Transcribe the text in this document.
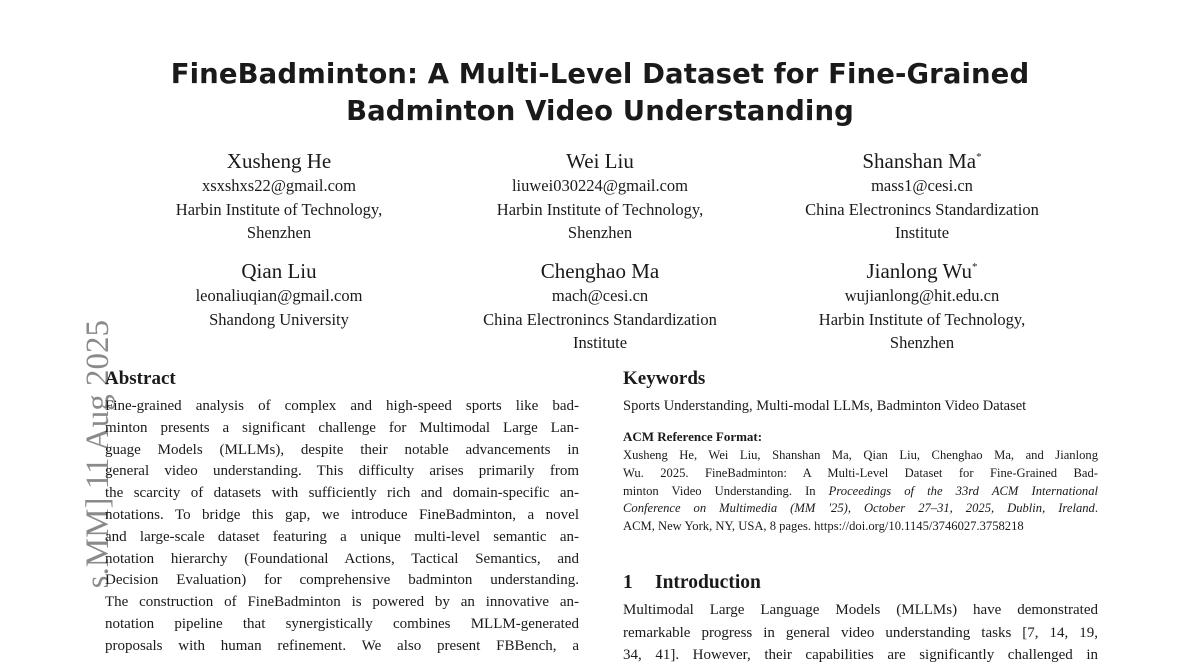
FineBadminton: A Multi-Level Dataset for Fine-Grained
Badminton Video Understanding
Xusheng He
xsxshxs22@gmail.com
Harbin Institute of Technology,
Shenzhen
Wei Liu
liuwei030224@gmail.com
Harbin Institute of Technology,
Shenzhen
Shanshan Ma*
mass1@cesi.cn
China Electronincs Standardization
Institute
Qian Liu
leonaliuqian@gmail.com
Shandong University
Chenghao Ma
mach@cesi.cn
China Electronincs Standardization
Institute
Jianlong Wu*
wujianlong@hit.edu.cn
Harbin Institute of Technology,
Shenzhen
s.MM] 11 Aug 2025
Abstract
Fine-grained analysis of complex and high-speed sports like bad-
minton presents a significant challenge for Multimodal Large Lan-
guage Models (MLLMs), despite their notable advancements in
general video understanding. This difficulty arises primarily from
the scarcity of datasets with sufficiently rich and domain-specific an-
notations. To bridge this gap, we introduce FineBadminton, a novel
and large-scale dataset featuring a unique multi-level semantic an-
notation hierarchy (Foundational Actions, Tactical Semantics, and
Decision Evaluation) for comprehensive badminton understanding.
The construction of FineBadminton is powered by an innovative an-
notation pipeline that synergistically combines MLLM-generated
proposals with human refinement. We also present FBBench, a
Keywords

Sports Understanding, Multi-modal LLMs, Badminton Video Dataset

ACM Reference Format:

Xusheng He, Wei Liu, Shanshan Ma, Qian Liu, Chenghao Ma, and Jianlong
Wu. 2025. FineBadminton: A Multi-Level Dataset for Fine-Grained Bad-
minton Video Understanding. In Proceedings of the 33rd ACM International
Conference on Multimedia (MM '25), October 27–31, 2025, Dublin, Ireland.
ACM, New York, NY, USA, 8 pages. https://doi.org/10.1145/3746027.3758218
1 Introduction
Multimodal Large Language Models (MLLMs) have demonstrated
remarkable progress in general video understanding tasks [7, 14, 19,
34, 41]. However, their capabilities are significantly challenged in
